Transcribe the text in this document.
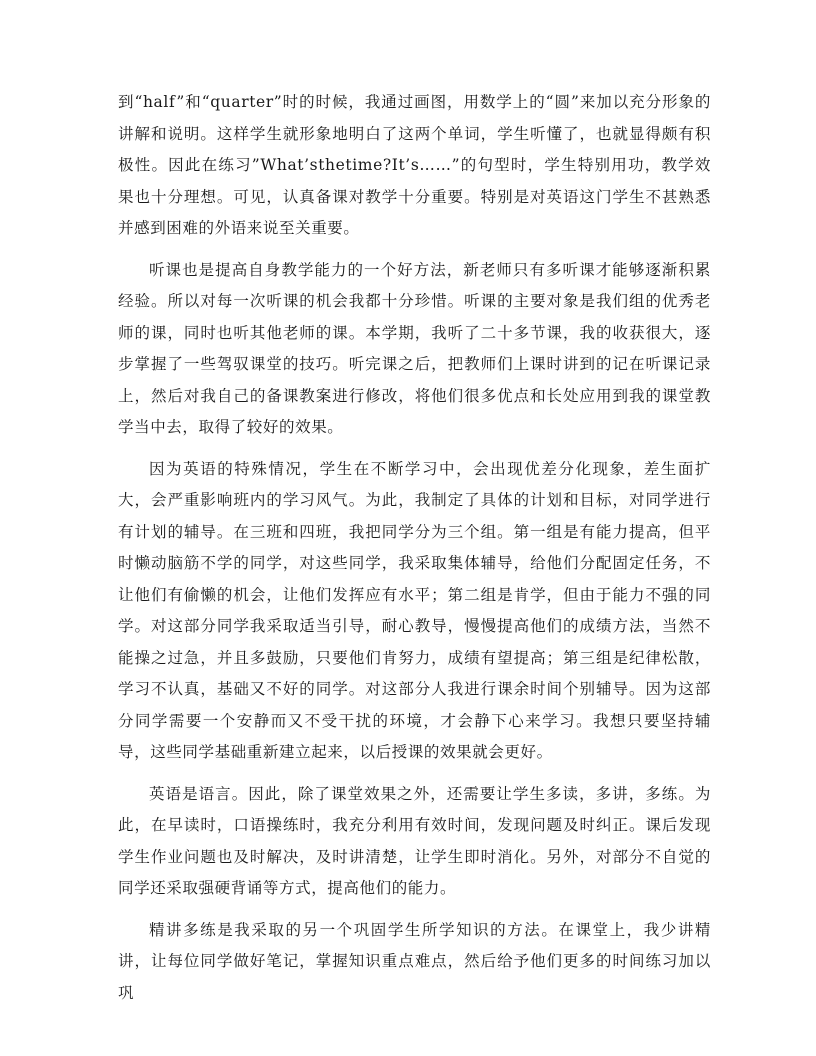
到“half”和“quarter”时的时候，我通过画图，用数学上的“圆”来加以充分形象的讲解和说明。这样学生就形象地明白了这两个单词，学生听懂了，也就显得颇有积极性。因此在练习”What’sthetime?It’s……”的句型时，学生特别用功，教学效果也十分理想。可见，认真备课对教学十分重要。特别是对英语这门学生不甚熟悉并感到困难的外语来说至关重要。

听课也是提高自身教学能力的一个好方法，新老师只有多听课才能够逐渐积累经验。所以对每一次听课的机会我都十分珍惜。听课的主要对象是我们组的优秀老师的课，同时也听其他老师的课。本学期，我听了二十多节课，我的收获很大，逐步掌握了一些驾驭课堂的技巧。听完课之后，把教师们上课时讲到的记在听课记录上，然后对我自己的备课教案进行修改，将他们很多优点和长处应用到我的课堂教学当中去，取得了较好的效果。

因为英语的特殊情况，学生在不断学习中，会出现优差分化现象，差生面扩大，会严重影响班内的学习风气。为此，我制定了具体的计划和目标，对同学进行有计划的辅导。在三班和四班，我把同学分为三个组。第一组是有能力提高，但平时懒动脑筋不学的同学，对这些同学，我采取集体辅导，给他们分配固定任务，不让他们有偷懒的机会，让他们发挥应有水平；第二组是肯学，但由于能力不强的同学。对这部分同学我采取适当引导，耐心教导，慢慢提高他们的成绩方法，当然不能操之过急，并且多鼓励，只要他们肯努力，成绩有望提高；第三组是纪律松散，学习不认真，基础又不好的同学。对这部分人我进行课余时间个别辅导。因为这部分同学需要一个安静而又不受干扰的环境，才会静下心来学习。我想只要坚持辅导，这些同学基础重新建立起来，以后授课的效果就会更好。

英语是语言。因此，除了课堂效果之外，还需要让学生多读，多讲，多练。为此，在早读时，口语操练时，我充分利用有效时间，发现问题及时纠正。课后发现学生作业问题也及时解决，及时讲清楚，让学生即时消化。另外，对部分不自觉的同学还采取强硬背诵等方式，提高他们的能力。

精讲多练是我采取的另一个巩固学生所学知识的方法。在课堂上，我少讲精讲，让每位同学做好笔记，掌握知识重点难点，然后给予他们更多的时间练习加以巩
